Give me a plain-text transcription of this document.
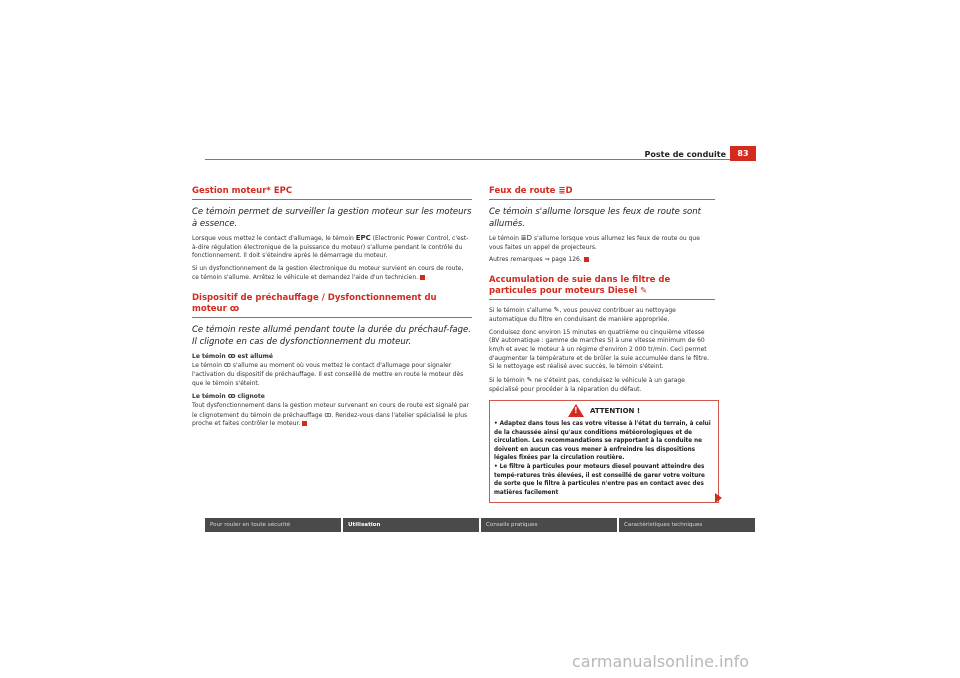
Poste de conduite	83
Gestion moteur* EPC
Ce témoin permet de surveiller la gestion moteur sur les moteurs à essence.

Lorsque vous mettez le contact d'allumage, le témoin EPC (Electronic Power Control, c'est-à-dire régulation électronique de la puissance du moteur) s'allume pendant le contrôle du fonctionnement. Il doit s'éteindre après le démarrage du moteur.

Si un dysfonctionnement de la gestion électronique du moteur survient en cours de route, ce témoin s'allume. Arrêtez le véhicule et demandez l'aide d'un technicien.

Dispositif de préchauffage / Dysfonctionnement du moteur ꝏ
Ce témoin reste allumé pendant toute la durée du préchauf-fage. Il clignote en cas de dysfonctionnement du moteur.

Le témoin ꝏ est allumé

Le témoin ꝏ s'allume au moment où vous mettez le contact d'allumage pour signaler l'activation du dispositif de préchauffage. Il est conseillé de mettre en route le moteur dès que le témoin s'éteint.

Le témoin ꝏ clignote

Tout dysfonctionnement dans la gestion moteur survenant en cours de route est signalé par le clignotement du témoin de préchauffage ꝏ. Rendez-vous dans l'atelier spécialisé le plus proche et faites contrôler le moteur.

Feux de route ≣D
Ce témoin s'allume lorsque les feux de route sont allumés.

Le témoin ≣D s'allume lorsque vous allumez les feux de route ou que vous faites un appel de projecteurs.

Autres remarques ⇒ page 126.

Accumulation de suie dans le filtre de particules pour moteurs Diesel ✎

Si le témoin s'allume ✎, vous pouvez contribuer au nettoyage automatique du filtre en conduisant de manière appropriée.

Conduisez donc environ 15 minutes en quatrième ou cinquième vitesse (BV automatique : gamme de marches S) à une vitesse minimum de 60 km/h et avec le moteur à un régime d'environ 2 000 tr/min. Ceci permet d'augmenter la température et de brûler la suie accumulée dans le filtre. Si le nettoyage est réalisé avec succès, le témoin s'éteint.

Si le témoin ✎ ne s'éteint pas, conduisez le véhicule à un garage spécialisé pour procéder à la réparation du défaut.

! ATTENTION !

• Adaptez dans tous les cas votre vitesse à l'état du terrain, à celui de la chaussée ainsi qu'aux conditions météorologiques et de circulation. Les recommandations se rapportant à la conduite ne doivent en aucun cas vous mener à enfreindre les dispositions légales fixées par la circulation routière.

• Le filtre à particules pour moteurs diesel pouvant atteindre des tempé-ratures très élevées, il est conseillé de garer votre voiture de sorte que le filtre à particules n'entre pas en contact avec des matières facilement

Pour rouler en toute sécurité	Utilisation	Conseils pratiques	Caractéristiques techniques
carmanualsonline.info
